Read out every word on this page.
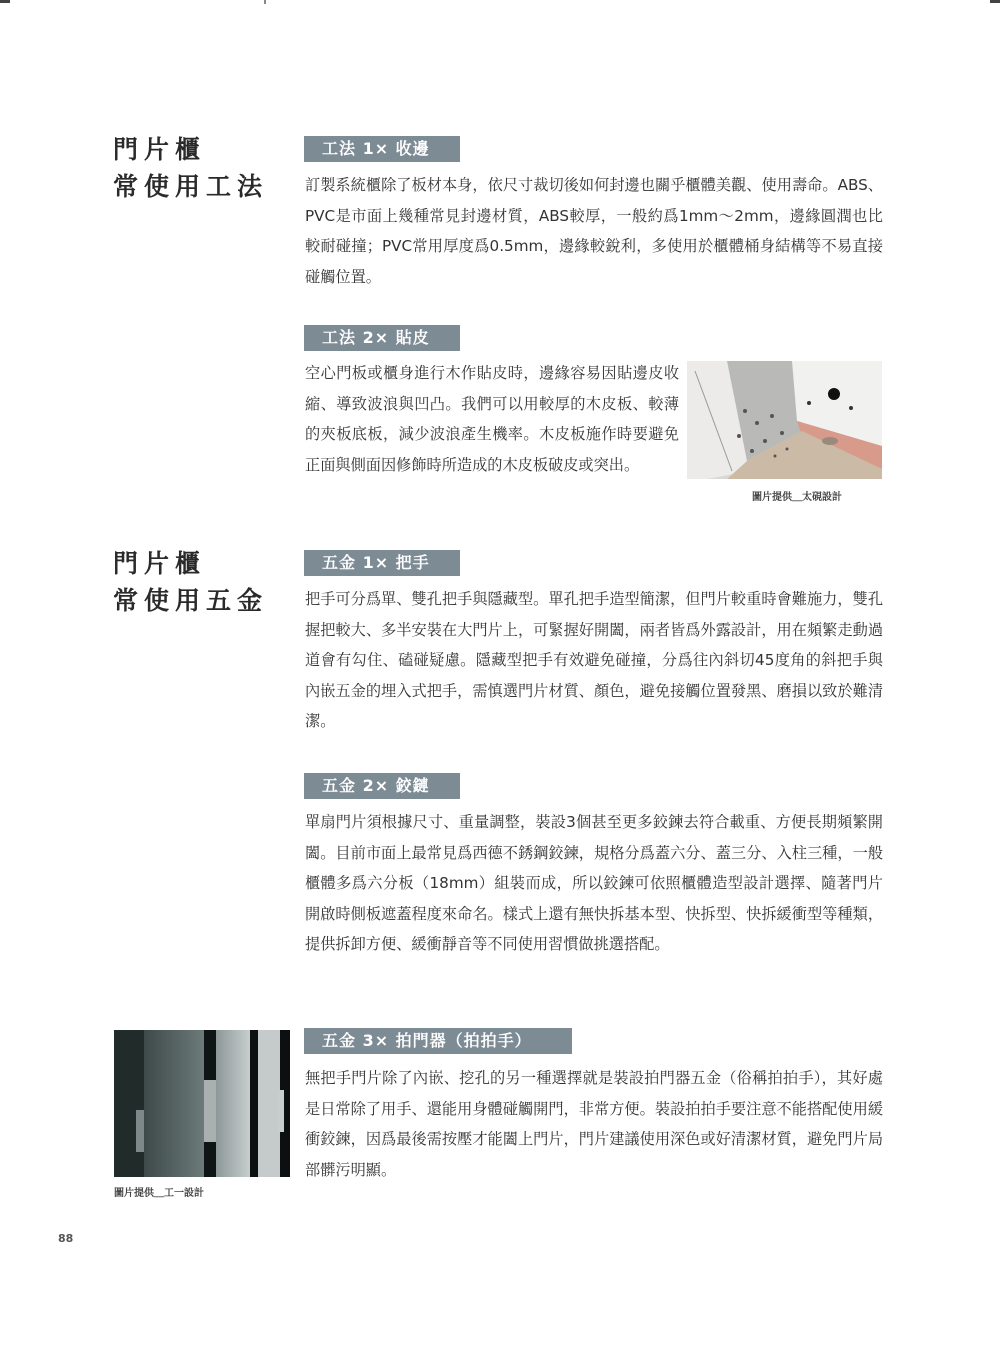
門片櫃
常使用工法
工法 1× 收邊
訂製系統櫃除了板材本身，依尺寸裁切後如何封邊也關乎櫃體美觀、使用壽命。ABS、PVC是市面上幾種常見封邊材質，ABS較厚，一般約爲1mm～2mm，邊緣圓潤也比較耐碰撞；PVC常用厚度爲0.5mm，邊緣較銳利，多使用於櫃體桶身結構等不易直接碰觸位置。
工法 2× 貼皮
空心門板或櫃身進行木作貼皮時，邊緣容易因貼邊皮收縮、導致波浪與凹凸。我們可以用較厚的木皮板、較薄的夾板底板，減少波浪產生機率。木皮板施作時要避免正面與側面因修飾時所造成的木皮板破皮或突出。
圖片提供＿太硯設計
門片櫃
常使用五金
五金 1× 把手
把手可分爲單、雙孔把手與隱藏型。單孔把手造型簡潔，但門片較重時會難施力，雙孔握把較大、多半安裝在大門片上，可緊握好開闔，兩者皆爲外露設計，用在頻繁走動過道會有勾住、磕碰疑慮。隱藏型把手有效避免碰撞，分爲往內斜切45度角的斜把手與內嵌五金的埋入式把手，需慎選門片材質、顏色，避免接觸位置發黑、磨損以致於難清潔。
五金 2× 鉸鏈
單扇門片須根據尺寸、重量調整，裝設3個甚至更多鉸鍊去符合載重、方便長期頻繁開闔。目前市面上最常見爲西德不銹鋼鉸鍊，規格分爲蓋六分、蓋三分、入柱三種，一般櫃體多爲六分板（18mm）組裝而成，所以鉸鍊可依照櫃體造型設計選擇、隨著門片開啟時側板遮蓋程度來命名。樣式上還有無快拆基本型、快拆型、快拆緩衝型等種類，提供拆卸方便、緩衝靜音等不同使用習慣做挑選搭配。
五金 3× 拍門器（拍拍手）
無把手門片除了內嵌、挖孔的另一種選擇就是裝設拍門器五金（俗稱拍拍手），其好處是日常除了用手、還能用身體碰觸開門，非常方便。裝設拍拍手要注意不能搭配使用緩衝鉸鍊，因爲最後需按壓才能闔上門片，門片建議使用深色或好清潔材質，避免門片局部髒污明顯。
圖片提供＿工一設計
88
